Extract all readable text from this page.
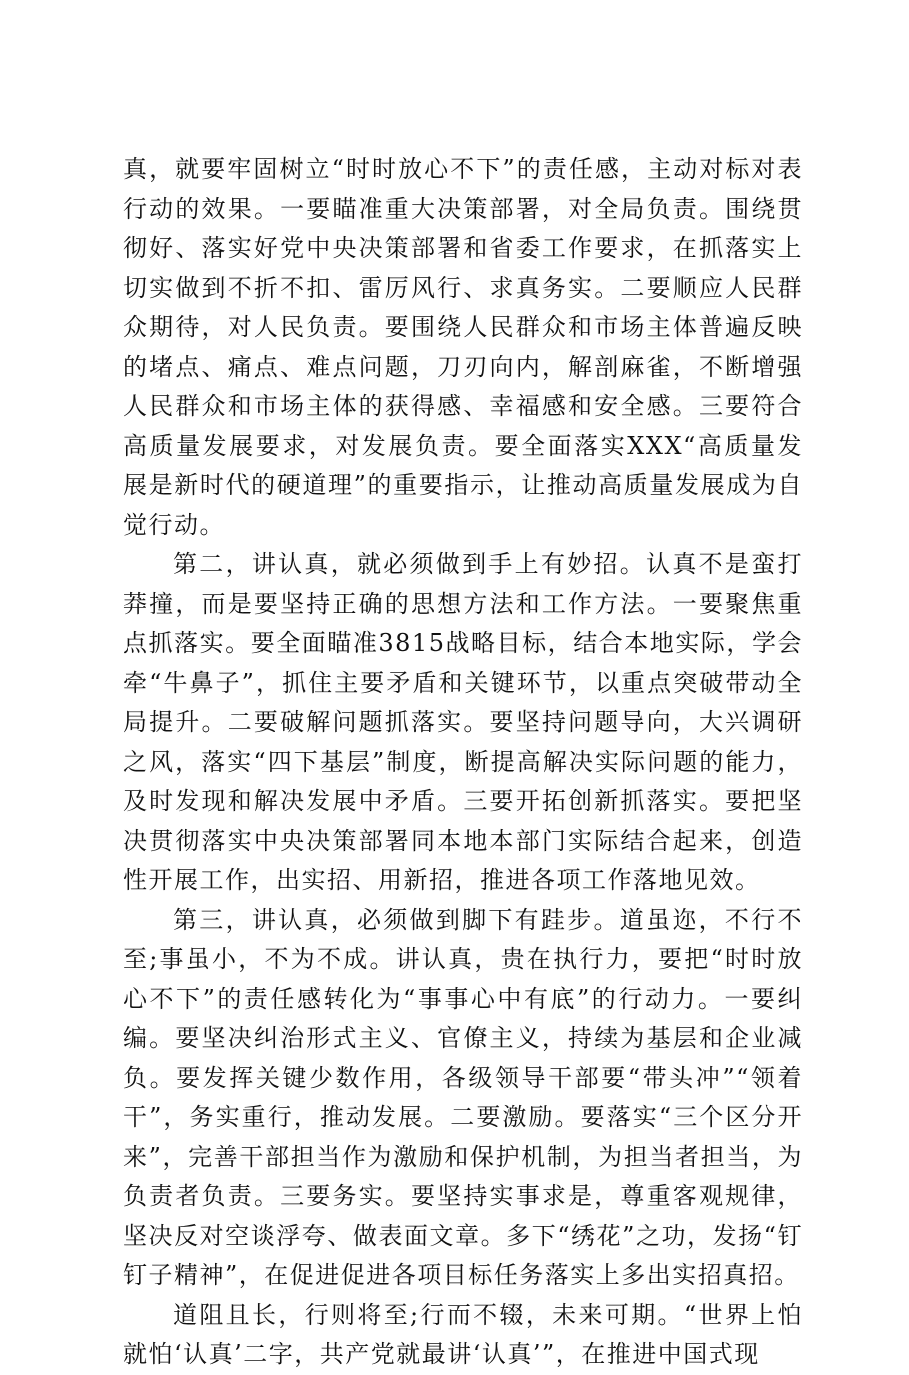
真，就要牢固树立“时时放心不下”的责任感，主动对标对表行动的效果。一要瞄准重大决策部署，对全局负责。围绕贯彻好、落实好党中央决策部署和省委工作要求，在抓落实上切实做到不折不扣、雷厉风行、求真务实。二要顺应人民群众期待，对人民负责。要围绕人民群众和市场主体普遍反映的堵点、痛点、难点问题，刀刃向内，解剖麻雀，不断增强人民群众和市场主体的获得感、幸福感和安全感。三要符合高质量发展要求，对发展负责。要全面落实XXX“高质量发展是新时代的硬道理”的重要指示，让推动高质量发展成为自觉行动。

第二，讲认真，就必须做到手上有妙招。认真不是蛮打莽撞，而是要坚持正确的思想方法和工作方法。一要聚焦重点抓落实。要全面瞄准3815战略目标，结合本地实际，学会牵“牛鼻子”，抓住主要矛盾和关键环节，以重点突破带动全局提升。二要破解问题抓落实。要坚持问题导向，大兴调研之风，落实“四下基层”制度，断提高解决实际问题的能力，及时发现和解决发展中矛盾。三要开拓创新抓落实。要把坚决贯彻落实中央决策部署同本地本部门实际结合起来，创造性开展工作，出实招、用新招，推进各项工作落地见效。

第三，讲认真，必须做到脚下有跬步。道虽迩，不行不至;事虽小，不为不成。讲认真，贵在执行力，要把“时时放心不下”的责任感转化为“事事心中有底”的行动力。一要纠编。要坚决纠治形式主义、官僚主义，持续为基层和企业减负。要发挥关键少数作用，各级领导干部要“带头冲”“领着干”，务实重行，推动发展。二要激励。要落实“三个区分开来”，完善干部担当作为激励和保护机制，为担当者担当，为负责者负责。三要务实。要坚持实事求是，尊重客观规律，坚决反对空谈浮夸、做表面文章。多下“绣花”之功，发扬“钉钉子精神”，在促进促进各项目标任务落实上多出实招真招。

道阻且长，行则将至;行而不辍，未来可期。“世界上怕就怕‘认真’二字，共产党就最讲‘认真’”，在推进中国式现
